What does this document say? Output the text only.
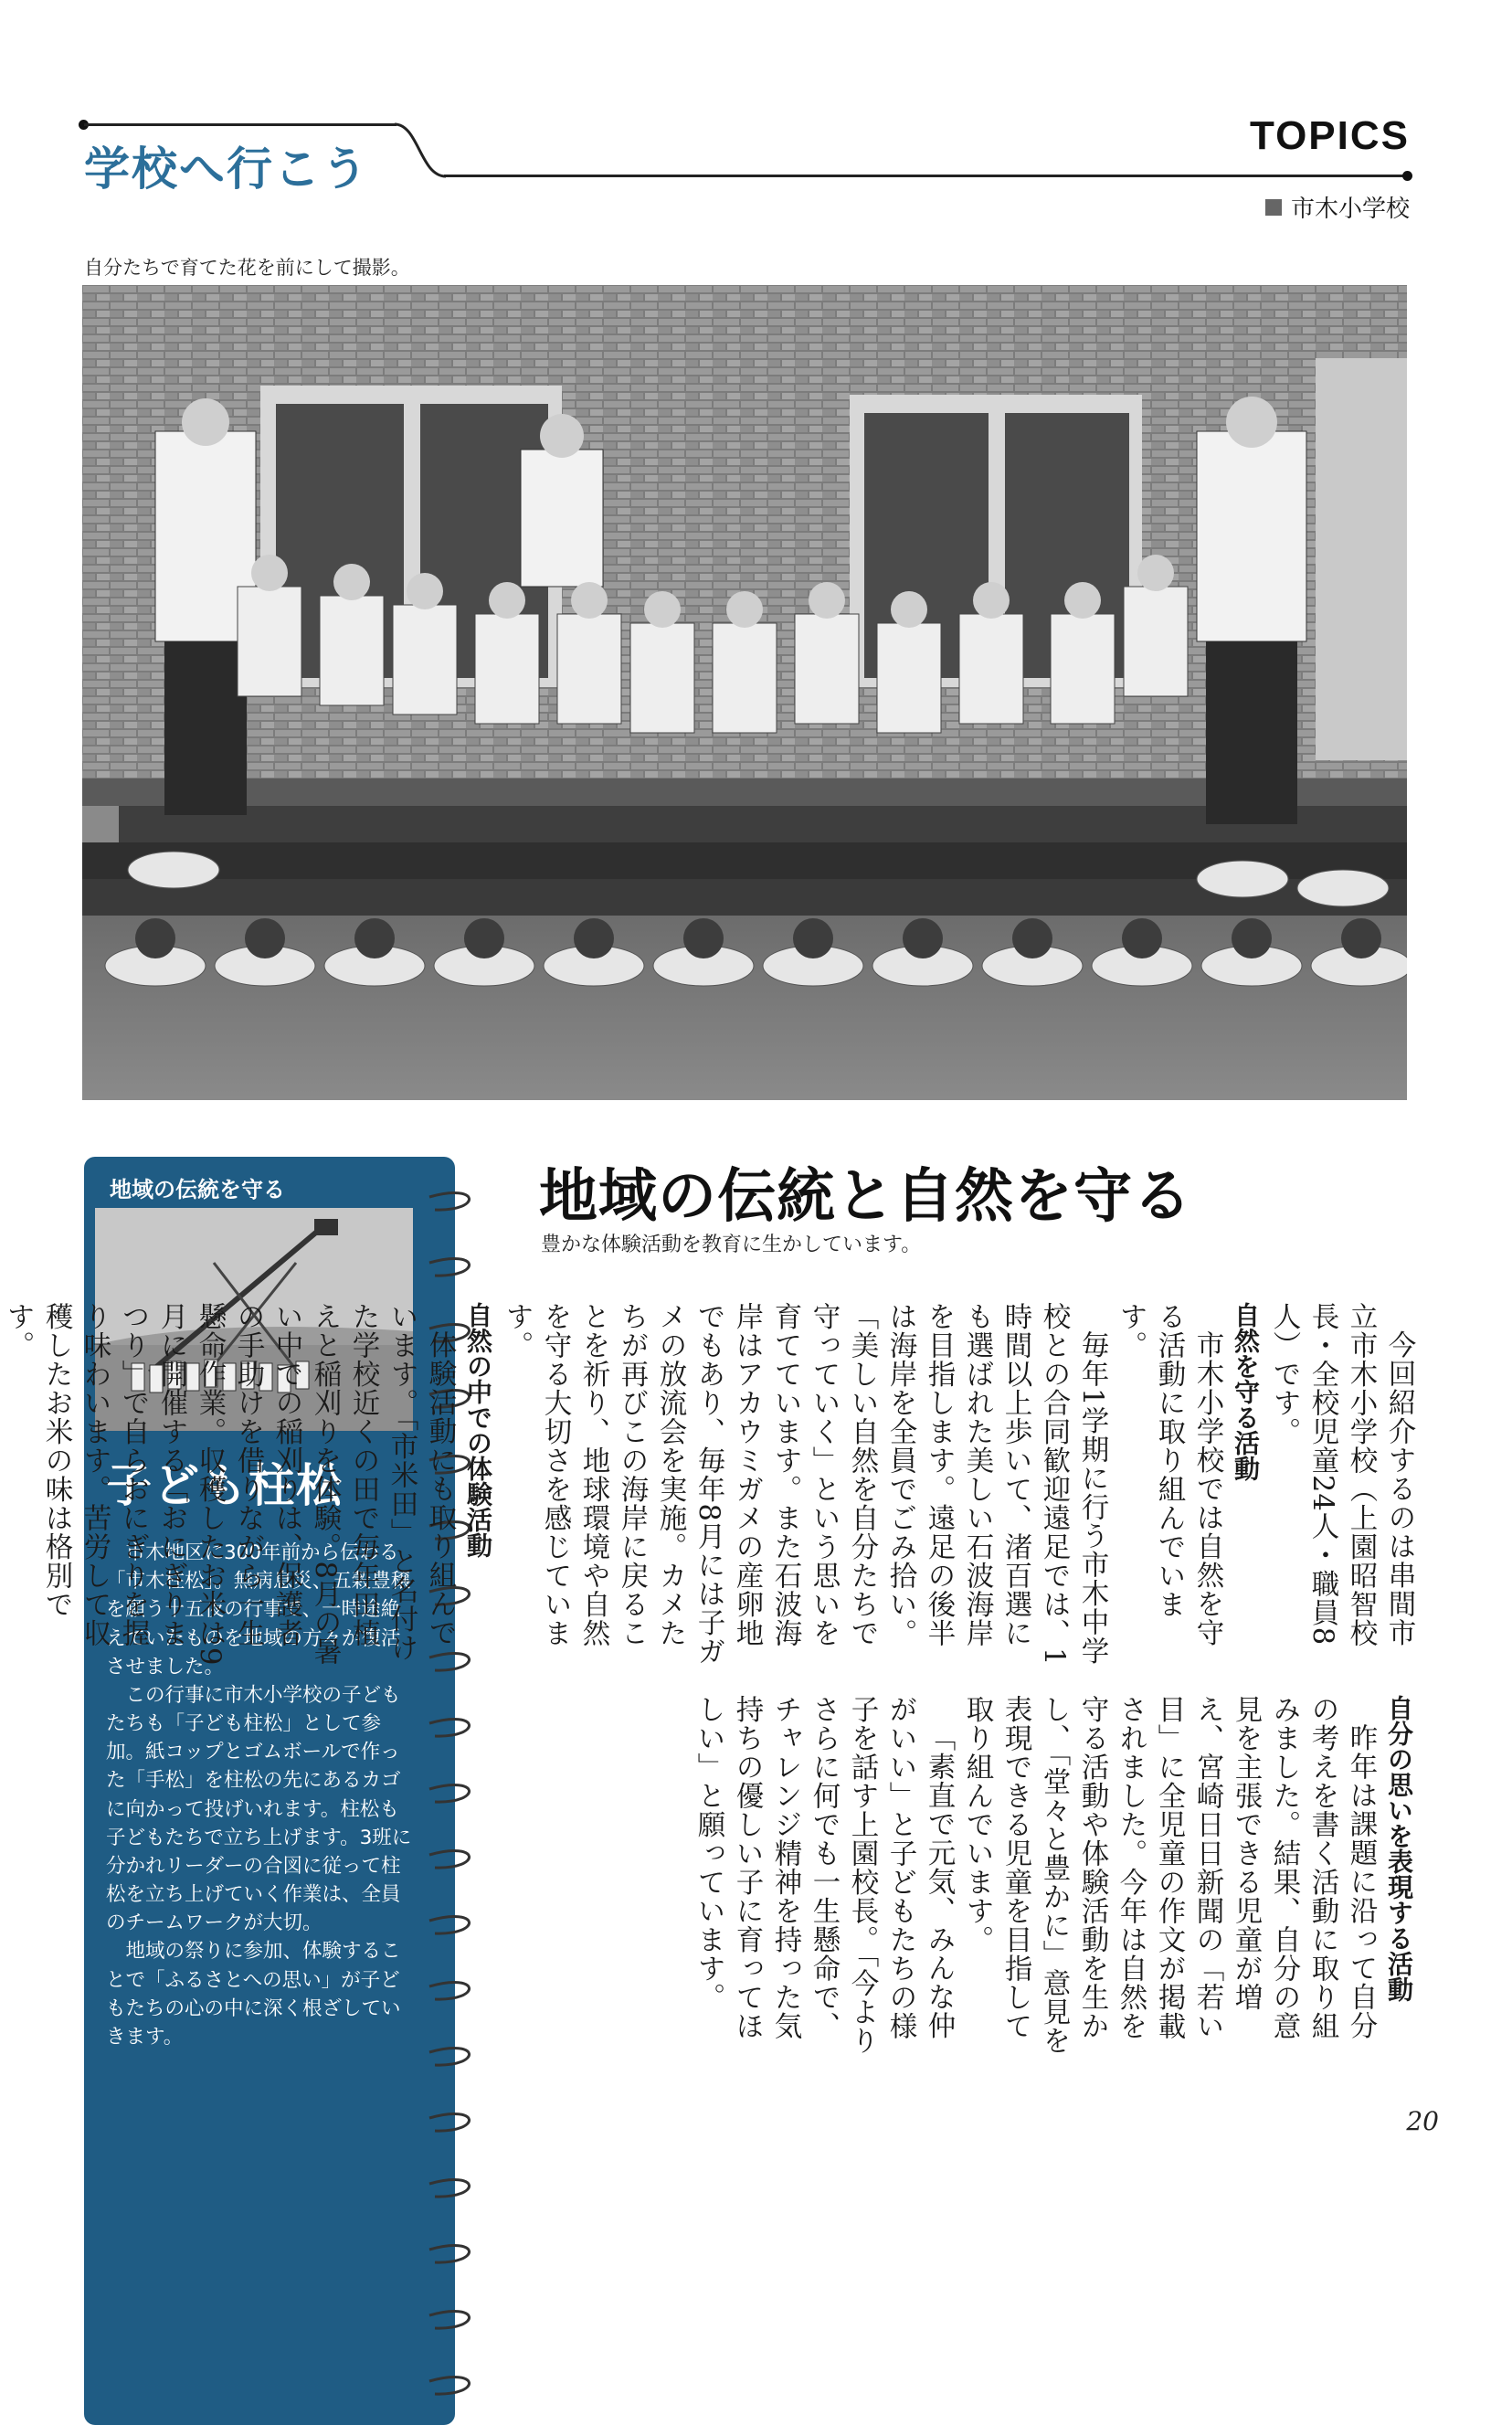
学校へ行こう
TOPICS
市木小学校
自分たちで育てた花を前にして撮影。
地域の伝統を守る
子ども柱松

市木地区に300年前から伝わる「市木柱松」。無病息災、五穀豊穣を願う十五夜の行事で、一時途絶えていたものを地域の方々が復活させました。

この行事に市木小学校の子どもたちも「子ども柱松」として参加。紙コップとゴムボールで作った「手松」を柱松の先にあるカゴに向かって投げいれます。柱松も子どもたちで立ち上げます。3班に分かれリーダーの合図に従って柱松を立ち上げていく作業は、全員のチームワークが大切。

地域の祭りに参加、体験することで「ふるさとへの思い」が子どもたちの心の中に深く根ざしていきます。

地域の伝統と自然を守る
豊かな体験活動を教育に生かしています。

今回紹介するのは串間市立市木小学校（上園昭智校長・全校児童24人・職員8人）です。

自然を守る活動

市木小学校では自然を守る活動に取り組んでいます。

毎年1学期に行う市木中学校との合同歓迎遠足では、1時間以上歩いて、渚百選にも選ばれた美しい石波海岸を目指します。遠足の後半は海岸を全員でごみ拾い。「美しい自然を自分たちで守っていく」という思いを育てています。また石波海岸はアカウミガメの産卵地でもあり、毎年8月には子ガメの放流会を実施。カメたちが再びこの海岸に戻ることを祈り、地球環境や自然を守る大切さを感じています。

自然の中での体験活動

体験活動にも取り組んでいます。「市米田」と名付けた学校近くの田で毎年田植えと稲刈りを体験。8月の暑い中での稲刈りは、保護者の手助けを借りながら一生懸命作業。収穫したお米は9月に開催する「おにぎりまつり」で自らおにぎりを握り味わいます。苦労して収穫したお米の味は格別です。

自分の思いを表現する活動

昨年は課題に沿って自分の考えを書く活動に取り組みました。結果、自分の意見を主張できる児童が増え、宮崎日日新聞の「若い目」に全児童の作文が掲載されました。今年は自然を守る活動や体験活動を生かし、「堂々と豊かに」意見を表現できる児童を目指して取り組んでいます。

「素直で元気、みんな仲がいい」と子どもたちの様子を話す上園校長。「今よりさらに何でも一生懸命で、チャレンジ精神を持った気持ちの優しい子に育ってほしい」と願っています。

20
